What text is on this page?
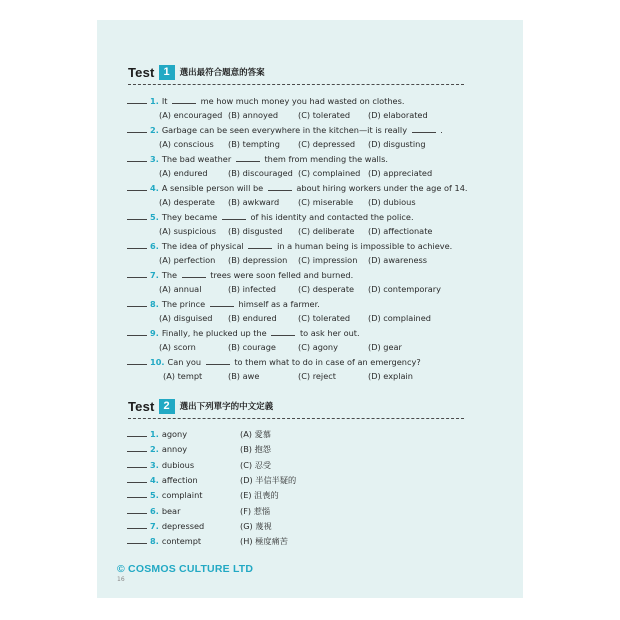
Test 1	選出最符合題意的答案
1. It	me how much money you had wasted on clothes.
(A) encouraged (B) annoyed (C) tolerated (D) elaborated
2. Garbage can be seen everywhere in the kitchen—it is really	.
(A) conscious (B) tempting (C) depressed (D) disgusting
3. The bad weather	them from mending the walls.
(A) endured (B) discouraged (C) complained (D) appreciated
4. A sensible person will be	about hiring workers under the age of 14.
(A) desperate (B) awkward (C) miserable (D) dubious
5. They became	of his identity and contacted the police.
(A) suspicious (B) disgusted (C) deliberate (D) affectionate
6. The idea of physical	in a human being is impossible to achieve.
(A) perfection (B) depression (C) impression (D) awareness
7. The	trees were soon felled and burned.
(A) annual	(B) infected	(C) desperate (D) contemporary
8. The prince	himself as a farmer.
(A) disguised (B) endured	(C) tolerated (D) complained
9. Finally, he plucked up the	to ask her out.
(A) scorn	(B) courage	(C) agony	(D) gear
10. Can you	to them what to do in case of an emergency?
(A) tempt	(B) awe	(C) reject	(D) explain
Test 2	選出下列單字的中文定義
1. agony	(A) 愛慕
2. annoy	(B) 抱怨
3. dubious	(C) 忍受
4. affection	(D) 半信半疑的
5. complaint	(E) 沮喪的
6. bear	(F) 惹惱
7. depressed	(G) 蔑視
8. contempt	(H) 極度痛苦
© COSMOS CULTURE LTD
16
